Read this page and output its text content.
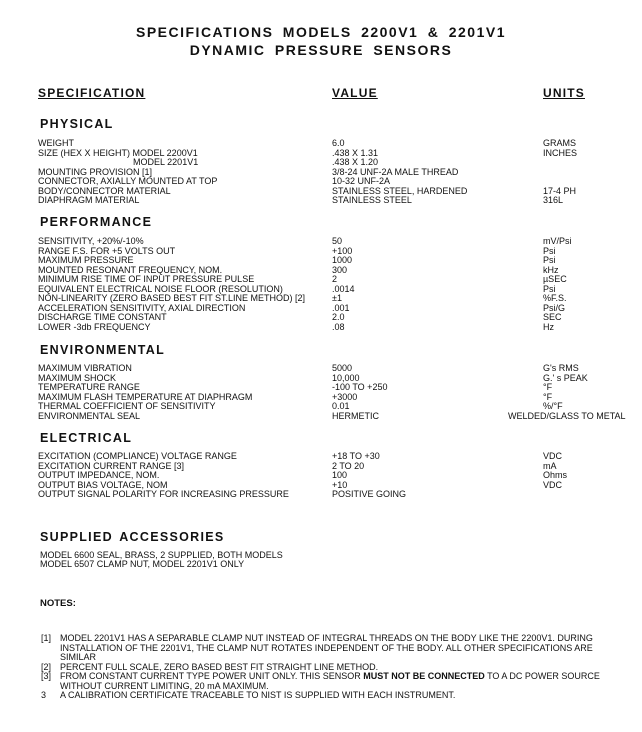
SPECIFICATIONS MODELS 2200V1 & 2201V1
DYNAMIC PRESSURE SENSORS
SPECIFICATION	VALUE	UNITS
PHYSICAL
WEIGHT	6.0	GRAMS
SIZE (HEX X HEIGHT) MODEL 2200V1	.438 X 1.31	INCHES
MODEL 2201V1	.438 X 1.20
MOUNTING PROVISION [1]	3/8-24 UNF-2A MALE THREAD
CONNECTOR, AXIALLY MOUNTED AT TOP	10-32 UNF-2A
BODY/CONNECTOR MATERIAL	STAINLESS STEEL, HARDENED	17-4 PH
DIAPHRAGM MATERIAL	STAINLESS STEEL	316L
PERFORMANCE
SENSITIVITY, +20%/-10%	50	mV/Psi
RANGE F.S. FOR +5 VOLTS OUT	+100	Psi
MAXIMUM PRESSURE	1000	Psi
MOUNTED RESONANT FREQUENCY, NOM.	300	kHz
MINIMUM RISE TIME OF INPUT PRESSURE PULSE	2	µSEC
EQUIVALENT ELECTRICAL NOISE FLOOR (RESOLUTION)	.0014	Psi
NON-LINEARITY (ZERO BASED BEST FIT ST.LINE METHOD) [2]	±1	%F.S.
ACCELERATION SENSITIVITY, AXIAL DIRECTION	.001	Psi/G
DISCHARGE TIME CONSTANT	2.0	SEC
LOWER -3db FREQUENCY	.08	Hz
ENVIRONMENTAL
MAXIMUM VIBRATION	5000	G's RMS
MAXIMUM SHOCK	10,000	G.' s PEAK
TEMPERATURE RANGE	-100 TO +250	°F
MAXIMUM FLASH TEMPERATURE AT DIAPHRAGM	+3000	°F
THERMAL COEFFICIENT OF SENSITIVITY	0.01	%/°F
ENVIRONMENTAL SEAL	HERMETIC	WELDED/GLASS TO METAL
ELECTRICAL
EXCITATION (COMPLIANCE) VOLTAGE RANGE	+18 TO +30	VDC
EXCITATION CURRENT RANGE [3]	2 TO 20	mA
OUTPUT IMPEDANCE, NOM.	100	Ohms
OUTPUT BIAS VOLTAGE, NOM	+10	VDC
OUTPUT SIGNAL POLARITY FOR INCREASING PRESSURE	POSITIVE GOING
SUPPLIED ACCESSORIES
MODEL 6600 SEAL, BRASS, 2 SUPPLIED, BOTH MODELS
MODEL 6507 CLAMP NUT, MODEL 2201V1 ONLY
NOTES:
[1] MODEL 2201V1 HAS A SEPARABLE CLAMP NUT INSTEAD OF INTEGRAL THREADS ON THE BODY LIKE THE 2200V1. DURING INSTALLATION OF THE 2201V1, THE CLAMP NUT ROTATES INDEPENDENT OF THE BODY. ALL OTHER SPECIFICATIONS ARE SIMILAR
[2] PERCENT FULL SCALE, ZERO BASED BEST FIT STRAIGHT LINE METHOD.
[3] FROM CONSTANT CURRENT TYPE POWER UNIT ONLY. THIS SENSOR MUST NOT BE CONNECTED TO A DC POWER SOURCE WITHOUT CURRENT LIMITING, 20 mA MAXIMUM.
3 A CALIBRATION CERTIFICATE TRACEABLE TO NIST IS SUPPLIED WITH EACH INSTRUMENT.
